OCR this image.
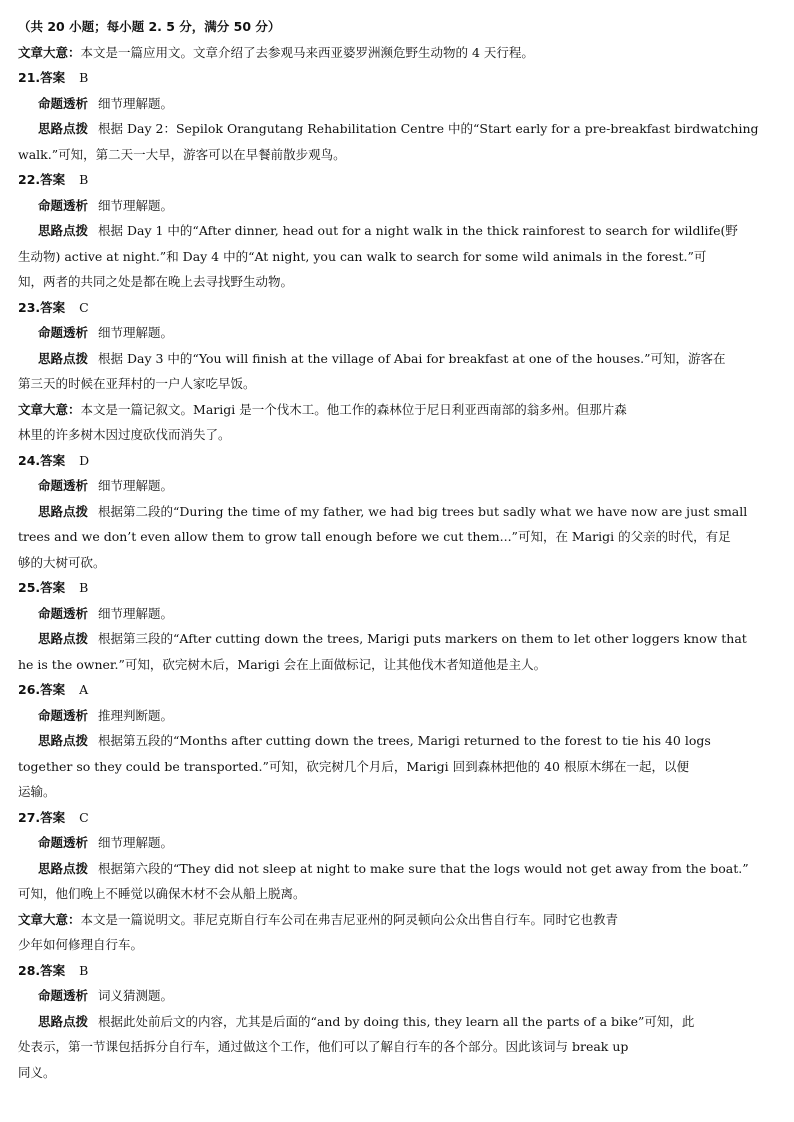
（共 20 小题；每小题 2. 5 分，满分 50 分）
文章大意：本文是一篇应用文。文章介绍了去参观马来西亚婆罗洲濒危野生动物的 4 天行程。
21.答案 B
命题透析 细节理解题。
思路点拨 根据 Day 2：Sepilok Orangutang Rehabilitation Centre 中的“Start early for a pre-breakfast birdwatching
walk.”可知，第二天一大早，游客可以在早餐前散步观鸟。
22.答案 B
命题透析 细节理解题。
思路点拨 根据 Day 1 中的“After dinner, head out for a night walk in the thick rainforest to search for wildlife(野
生动物) active at night.”和 Day 4 中的“At night, you can walk to search for some wild animals in the forest.”可
知，两者的共同之处是都在晚上去寻找野生动物。
23.答案 C
命题透析 细节理解题。
思路点拨 根据 Day 3 中的“You will finish at the village of Abai for breakfast at one of the houses.”可知，游客在
第三天的时候在亚拜村的一户人家吃早饭。
文章大意：本文是一篇记叙文。Marigi 是一个伐木工。他工作的森林位于尼日利亚西南部的翁多州。但那片森
林里的许多树木因过度砍伐而消失了。
24.答案 D
命题透析 细节理解题。
思路点拨 根据第二段的“During the time of my father, we had big trees but sadly what we have now are just small
trees and we don’t even allow them to grow tall enough before we cut them...”可知，在 Marigi 的父亲的时代，有足
够的大树可砍。
25.答案 B
命题透析 细节理解题。
思路点拨 根据第三段的“After cutting down the trees, Marigi puts markers on them to let other loggers know that
he is the owner.”可知，砍完树木后，Marigi 会在上面做标记，让其他伐木者知道他是主人。
26.答案 A
命题透析 推理判断题。
思路点拨 根据第五段的“Months after cutting down the trees, Marigi returned to the forest to tie his 40 logs
together so they could be transported.”可知，砍完树几个月后，Marigi 回到森林把他的 40 根原木绑在一起，以便
运输。
27.答案 C
命题透析 细节理解题。
思路点拨 根据第六段的“They did not sleep at night to make sure that the logs would not get away from the boat.”
可知，他们晚上不睡觉以确保木材不会从船上脱离。
文章大意：本文是一篇说明文。菲尼克斯自行车公司在弗吉尼亚州的阿灵顿向公众出售自行车。同时它也教青
少年如何修理自行车。
28.答案 B
命题透析 词义猜测题。
思路点拨 根据此处前后文的内容，尤其是后面的“and by doing this, they learn all the parts of a bike”可知，此
处表示，第一节课包括拆分自行车，通过做这个工作，他们可以了解自行车的各个部分。因此该词与 break up
同义。
